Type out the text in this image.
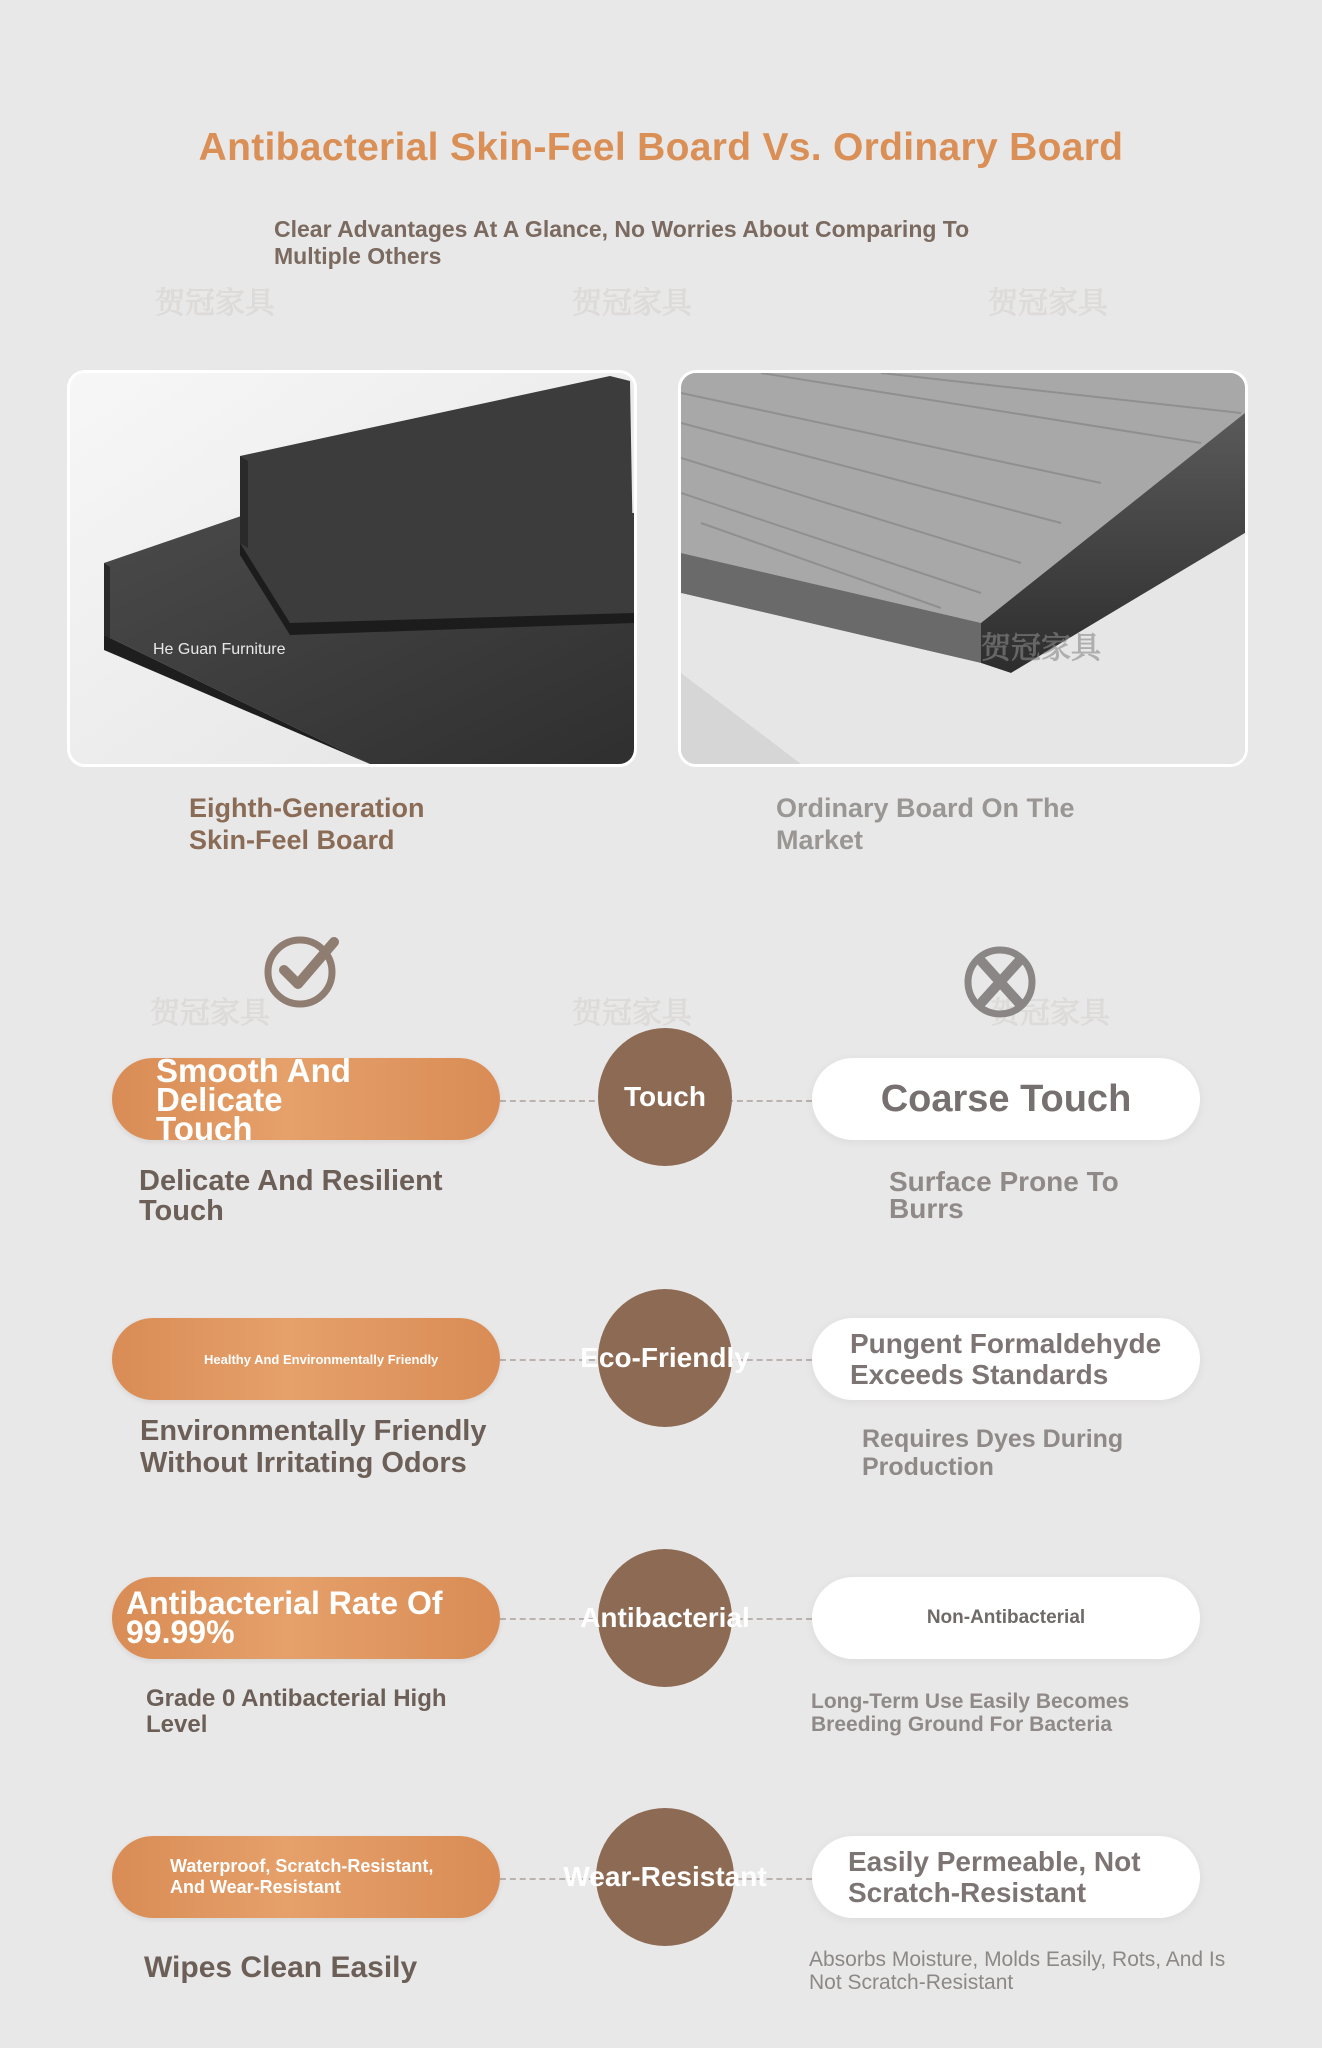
Antibacterial Skin-Feel Board Vs. Ordinary Board
Clear Advantages At A Glance, No Worries About Comparing To Multiple Others
贺冠家具	贺冠家具	贺冠家具
贺冠家具	贺冠家具	贺冠家具
He Guan Furniture	贺冠家具
Eighth-Generation Skin-Feel Board
Ordinary Board On The Market
Smooth And Delicate Touch
Touch	Coarse Touch
Delicate And Resilient Touch
Surface Prone To Burrs
Healthy And Environmentally Friendly	Eco-Friendly	Pungent Formaldehyde Exceeds Standards
Environmentally Friendly Without Irritating Odors
Requires Dyes During Production
Antibacterial Rate Of 99.99%	Antibacterial	Non-Antibacterial
Grade 0 Antibacterial High Level
Long-Term Use Easily Becomes Breeding Ground For Bacteria
Waterproof, Scratch-Resistant, And Wear-Resistant	Wear-Resistant	Easily Permeable, Not Scratch-Resistant
Wipes Clean Easily	Absorbs Moisture, Molds Easily, Rots, And Is Not Scratch-Resistant
